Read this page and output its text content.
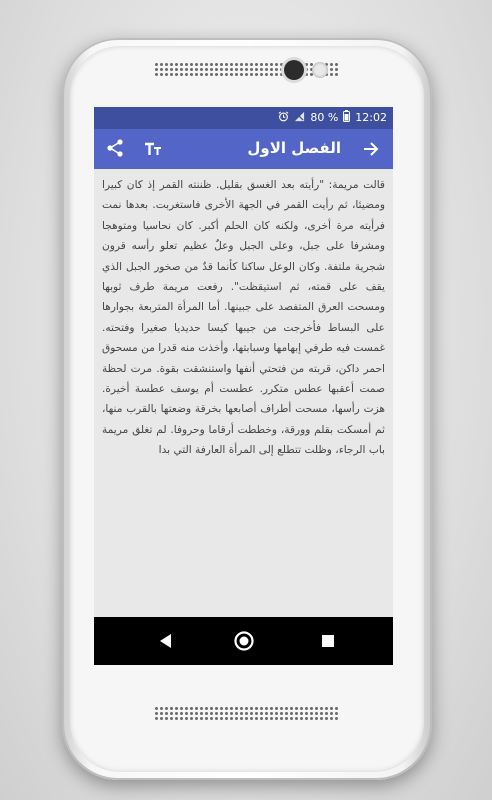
80 % 12:02
الفصل الاول

قالت مريمة: "رأيته بعد الغسق بقليل. ظننته القمر إذ كان كبيرا ومضيئا، ثم رأيت القمر في الجهة الأخرى فاستغربت. بعدها نمت فرأيته مرة أخرى، ولكنه كان الحلم أكبر. كان نحاسيا ومتوهجا ومشرفا على جبل، وعلى الجبل وعلٌ عظيم تعلو رأسه قرون شجرية ملتفة. وكان الوعل ساكنا كأنما قدٌ من صخور الجبل الذي يقف على قمته، ثم استيقظت". رفعت مريمة طرف ثوبها ومسحت العرق المتفصد على جبينها. أما المرأة المتربعة بجوارها على البساط فأخرجت من جيبها كيسا حديديا صغيرا وفتحته. غمست فيه طرفي إبهامها وسبابتها، وأخذت منه قدرا من مسحوق احمر داكن، قربته من فتحتي أنفها واستنشقت بقوة. مرت لحظة صمت أعقبها عطس متكرر. عطست أم يوسف عطسة أخيرة. هزت رأسها، مسحت أطراف أصابعها بخرقة وضعتها بالقرب منها، ثم أمسكت بقلم وورقة، وخططت أرقاما وحروفا. لم تغلق مريمة باب الرجاء، وظلت تتطلع إلى المرأة العارفة التي بدا
